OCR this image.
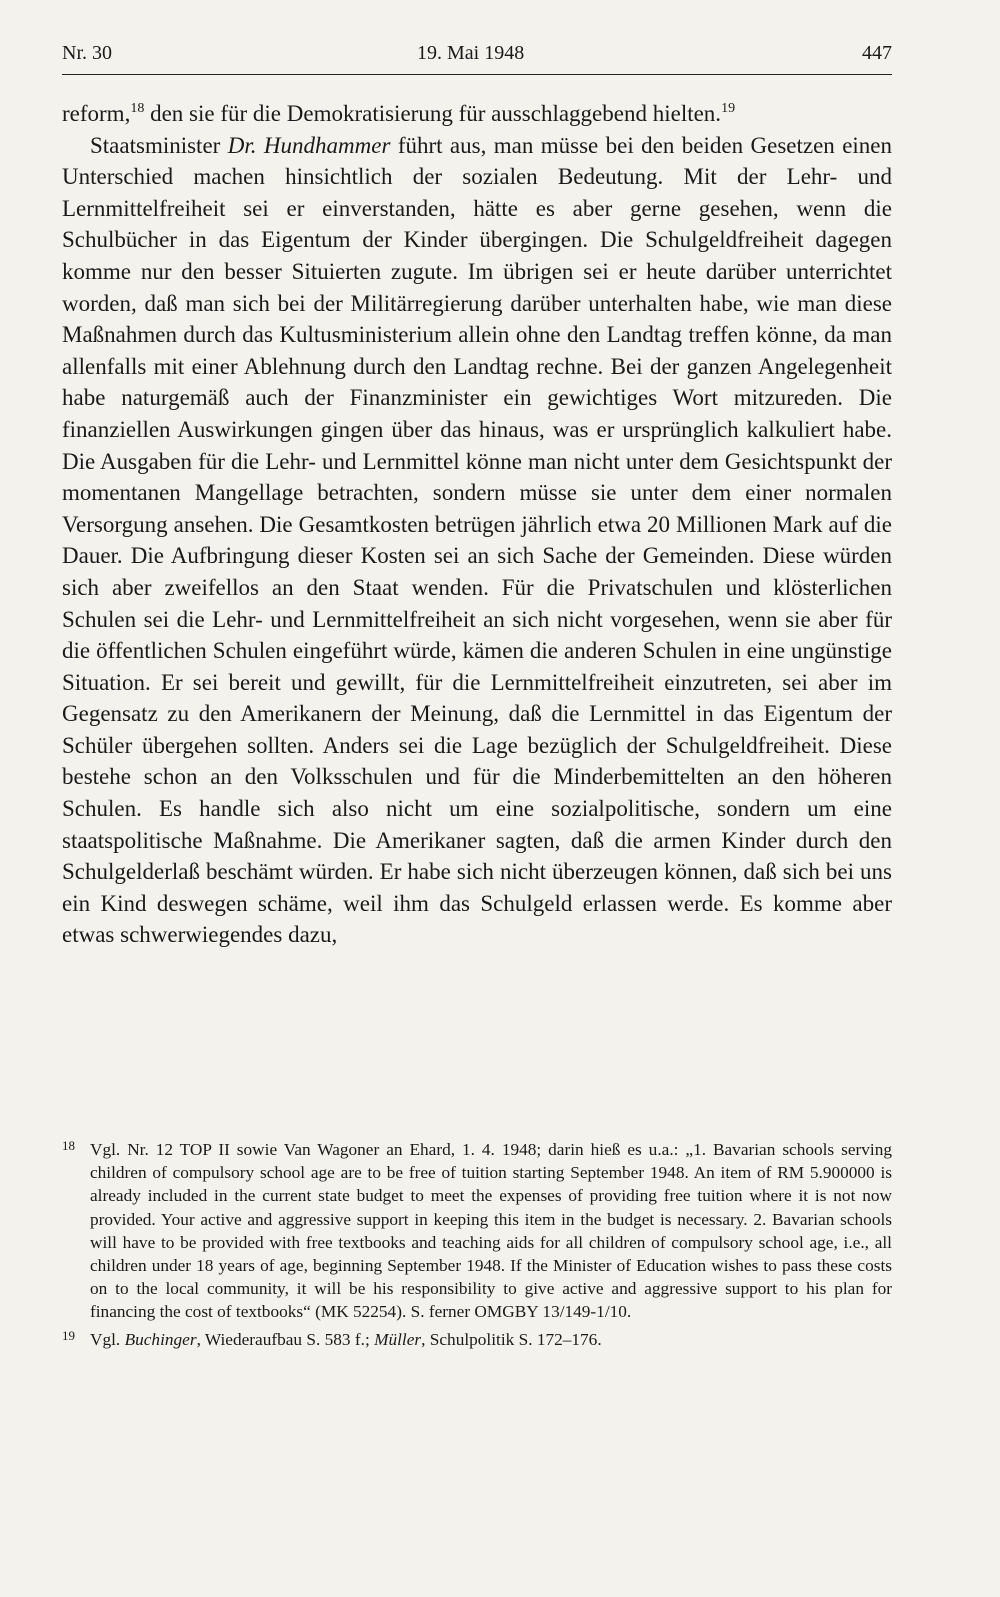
Nr. 30	19. Mai 1948	447

reform,$^{18}$ den sie für die Demokratisierung für ausschlaggebend hielten.$^{19}$

Staatsminister Dr. Hundhammer führt aus, man müsse bei den beiden Gesetzen einen Unterschied machen hinsichtlich der sozialen Bedeutung. Mit der Lehr- und Lernmittelfreiheit sei er einverstanden, hätte es aber gerne gesehen, wenn die Schulbücher in das Eigentum der Kinder übergingen. Die Schulgeldfreiheit dagegen komme nur den besser Situierten zugute. Im übrigen sei er heute darüber unterrichtet worden, daß man sich bei der Militärregierung darüber unterhalten habe, wie man diese Maßnahmen durch das Kultusministerium allein ohne den Landtag treffen könne, da man allenfalls mit einer Ablehnung durch den Landtag rechne. Bei der ganzen Angelegenheit habe naturgemäß auch der Finanzminister ein gewichtiges Wort mitzureden. Die finanziellen Auswirkungen gingen über das hinaus, was er ursprünglich kalkuliert habe. Die Ausgaben für die Lehr- und Lernmittel könne man nicht unter dem Gesichtspunkt der momentanen Mangellage betrachten, sondern müsse sie unter dem einer normalen Versorgung ansehen. Die Gesamtkosten betrügen jährlich etwa 20 Millionen Mark auf die Dauer. Die Aufbringung dieser Kosten sei an sich Sache der Gemeinden. Diese würden sich aber zweifellos an den Staat wenden. Für die Privatschulen und klösterlichen Schulen sei die Lehr- und Lernmittelfreiheit an sich nicht vorgesehen, wenn sie aber für die öffentlichen Schulen eingeführt würde, kämen die anderen Schulen in eine ungünstige Situation. Er sei bereit und gewillt, für die Lernmittelfreiheit einzutreten, sei aber im Gegensatz zu den Amerikanern der Meinung, daß die Lernmittel in das Eigentum der Schüler übergehen sollten. Anders sei die Lage bezüglich der Schulgeldfreiheit. Diese bestehe schon an den Volksschulen und für die Minderbemittelten an den höheren Schulen. Es handle sich also nicht um eine sozialpolitische, sondern um eine staatspolitische Maßnahme. Die Amerikaner sagten, daß die armen Kinder durch den Schulgelderlaß beschämt würden. Er habe sich nicht überzeugen können, daß sich bei uns ein Kind deswegen schäme, weil ihm das Schulgeld erlassen werde. Es komme aber etwas schwerwiegendes dazu,

18 Vgl. Nr. 12 TOP II sowie Van Wagoner an Ehard, 1. 4. 1948; darin hieß es u.a.: „1. Bavarian schools serving children of compulsory school age are to be free of tuition starting September 1948. An item of RM 5.900000 is already included in the current state budget to meet the expenses of providing free tuition where it is not now provided. Your active and aggressive support in keeping this item in the budget is necessary. 2. Bavarian schools will have to be provided with free textbooks and teaching aids for all children of compulsory school age, i.e., all children under 18 years of age, beginning September 1948. If the Minister of Education wishes to pass these costs on to the local community, it will be his responsibility to give active and aggressive support to his plan for financing the cost of textbooks“ (MK 52254). S. ferner OMGBY 13/149-1/10.
19 Vgl. Buchinger, Wiederaufbau S. 583 f.; Müller, Schulpolitik S. 172–176.
